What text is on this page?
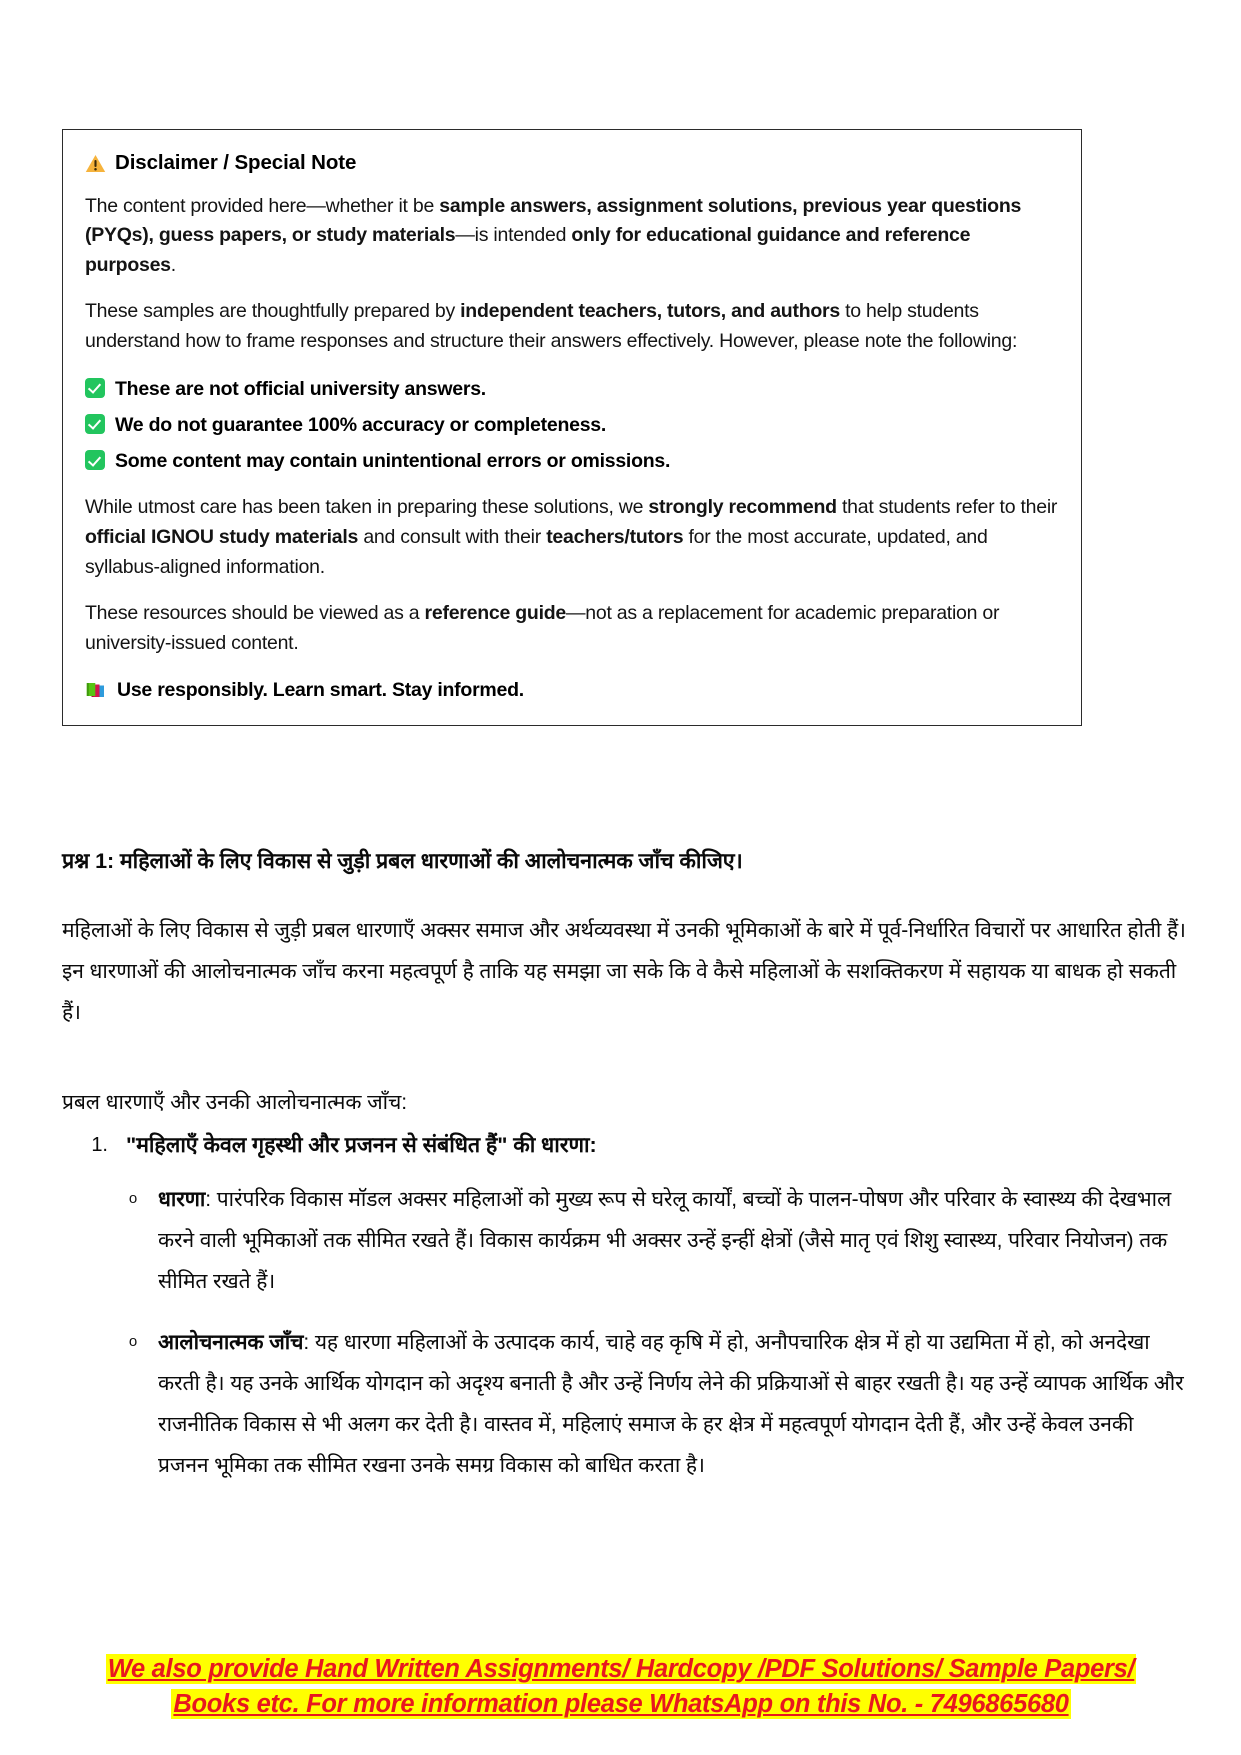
Disclaimer / Special Note

The content provided here—whether it be sample answers, assignment solutions, previous year questions (PYQs), guess papers, or study materials—is intended only for educational guidance and reference purposes.

These samples are thoughtfully prepared by independent teachers, tutors, and authors to help students understand how to frame responses and structure their answers effectively. However, please note the following:

These are not official university answers.
We do not guarantee 100% accuracy or completeness.
Some content may contain unintentional errors or omissions.

While utmost care has been taken in preparing these solutions, we strongly recommend that students refer to their official IGNOU study materials and consult with their teachers/tutors for the most accurate, updated, and syllabus-aligned information.

These resources should be viewed as a reference guide—not as a replacement for academic preparation or university-issued content.

Use responsibly. Learn smart. Stay informed.

प्रश्न 1: महिलाओं के लिए विकास से जुड़ी प्रबल धारणाओं की आलोचनात्मक जाँच कीजिए।

महिलाओं के लिए विकास से जुड़ी प्रबल धारणाएँ अक्सर समाज और अर्थव्यवस्था में उनकी भूमिकाओं के बारे में पूर्व-निर्धारित विचारों पर आधारित होती हैं। इन धारणाओं की आलोचनात्मक जाँच करना महत्वपूर्ण है ताकि यह समझा जा सके कि वे कैसे महिलाओं के सशक्तिकरण में सहायक या बाधक हो सकती हैं।

प्रबल धारणाएँ और उनकी आलोचनात्मक जाँच:

1. "महिलाएँ केवल गृहस्थी और प्रजनन से संबंधित हैं" की धारणा:
o धारणा: पारंपरिक विकास मॉडल अक्सर महिलाओं को मुख्य रूप से घरेलू कार्यों, बच्चों के पालन-पोषण और परिवार के स्वास्थ्य की देखभाल करने वाली भूमिकाओं तक सीमित रखते हैं। विकास कार्यक्रम भी अक्सर उन्हें इन्हीं क्षेत्रों (जैसे मातृ एवं शिशु स्वास्थ्य, परिवार नियोजन) तक सीमित रखते हैं।
o आलोचनात्मक जाँच: यह धारणा महिलाओं के उत्पादक कार्य, चाहे वह कृषि में हो, अनौपचारिक क्षेत्र में हो या उद्यमिता में हो, को अनदेखा करती है। यह उनके आर्थिक योगदान को अदृश्य बनाती है और उन्हें निर्णय लेने की प्रक्रियाओं से बाहर रखती है। यह उन्हें व्यापक आर्थिक और राजनीतिक विकास से भी अलग कर देती है। वास्तव में, महिलाएं समाज के हर क्षेत्र में महत्वपूर्ण योगदान देती हैं, और उन्हें केवल उनकी प्रजनन भूमिका तक सीमित रखना उनके समग्र विकास को बाधित करता है।
We also provide Hand Written Assignments/ Hardcopy /PDF Solutions/ Sample Papers/
Books etc. For more information please WhatsApp on this No. - 7496865680
